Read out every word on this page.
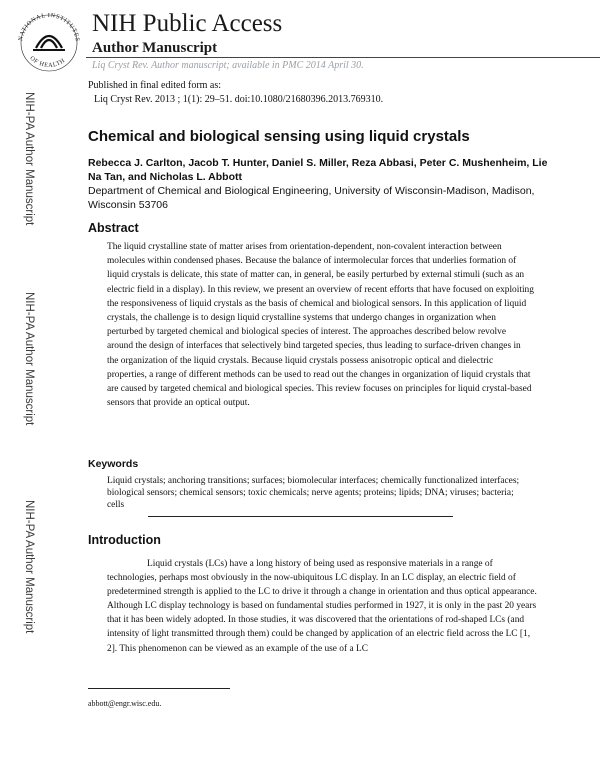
NATIONAL INSTITUTES
OF HEALTH
NIH Public Access
Author Manuscript
Liq Cryst Rev. Author manuscript; available in PMC 2014 April 30.
Published in final edited form as:
Liq Cryst Rev. 2013 ; 1(1): 29–51. doi:10.1080/21680396.2013.769310.
NIH-PA Author Manuscript
NIH-PA Author Manuscript
NIH-PA Author Manuscript
Chemical and biological sensing using liquid crystals
Rebecca J. Carlton, Jacob T. Hunter, Daniel S. Miller, Reza Abbasi, Peter C. Mushenheim, Lie Na Tan, and Nicholas L. Abbott
Department of Chemical and Biological Engineering, University of Wisconsin-Madison, Madison, Wisconsin 53706
Abstract

The liquid crystalline state of matter arises from orientation-dependent, non-covalent interaction between molecules within condensed phases. Because the balance of intermolecular forces that underlies formation of liquid crystals is delicate, this state of matter can, in general, be easily perturbed by external stimuli (such as an electric field in a display). In this review, we present an overview of recent efforts that have focused on exploiting the responsiveness of liquid crystals as the basis of chemical and biological sensors. In this application of liquid crystals, the challenge is to design liquid crystalline systems that undergo changes in organization when perturbed by targeted chemical and biological species of interest. The approaches described below revolve around the design of interfaces that selectively bind targeted species, thus leading to surface-driven changes in the organization of the liquid crystals. Because liquid crystals possess anisotropic optical and dielectric properties, a range of different methods can be used to read out the changes in organization of liquid crystals that are caused by targeted chemical and biological species. This review focuses on principles for liquid crystal-based sensors that provide an optical output.

Keywords

Liquid crystals; anchoring transitions; surfaces; biomolecular interfaces; chemically functionalized interfaces; biological sensors; chemical sensors; toxic chemicals; nerve agents; proteins; lipids; DNA; viruses; bacteria; cells

Introduction

Liquid crystals (LCs) have a long history of being used as responsive materials in a range of technologies, perhaps most obviously in the now-ubiquitous LC display. In an LC display, an electric field of predetermined strength is applied to the LC to drive it through a change in orientation and thus optical appearance. Although LC display technology is based on fundamental studies performed in 1927, it is only in the past 20 years that it has been widely adopted. In those studies, it was discovered that the orientations of rod-shaped LCs (and intensity of light transmitted through them) could be changed by application of an electric field across the LC [1, 2]. This phenomenon can be viewed as an example of the use of a LC

abbott@engr.wisc.edu.
